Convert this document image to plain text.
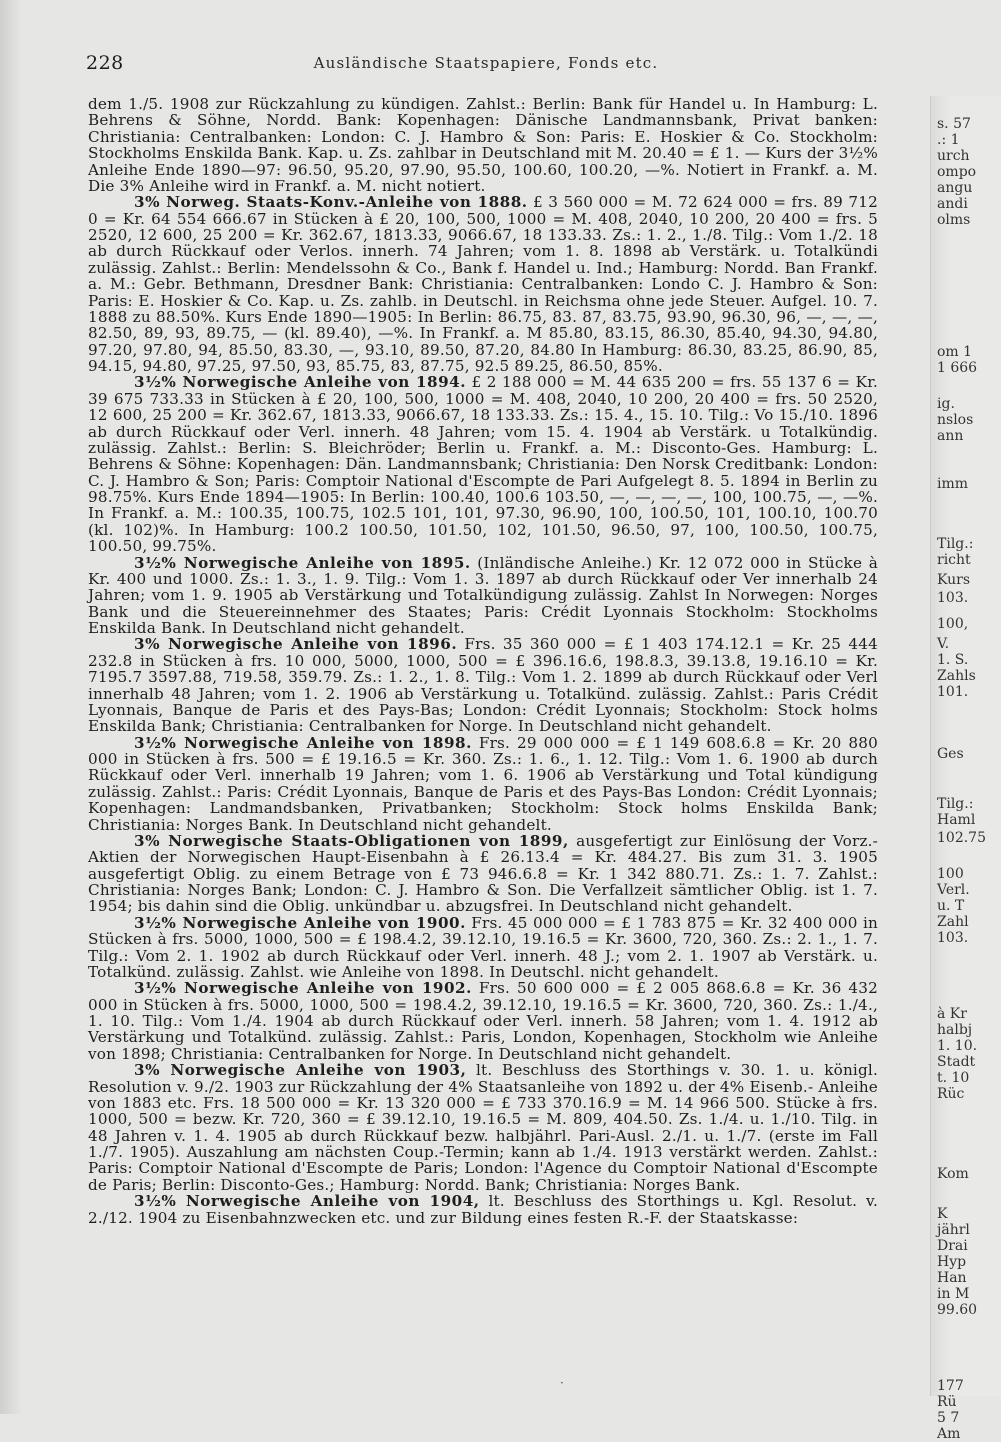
228	Ausländische Staatspapiere, Fonds etc.

dem 1./5. 1908 zur Rückzahlung zu kündigen. Zahlst.: Berlin: Bank für Handel u. In Hamburg: L. Behrens & Söhne, Nordd. Bank: Kopenhagen: Dänische Landmannsbank, Privat banken: Christiania: Centralbanken: London: C. J. Hambro & Son: Paris: E. Hoskier & Co. Stockholm: Stockholms Enskilda Bank. Kap. u. Zs. zahlbar in Deutschland mit M. 20.40 = £ 1. — Kurs der 3½% Anleihe Ende 1890—97: 96.50, 95.20, 97.90, 95.50, 100.60, 100.20, —%. Notiert in Frankf. a. M. Die 3% Anleihe wird in Frankf. a. M. nicht notiert.

3% Norweg. Staats-Konv.-Anleihe von 1888. £ 3 560 000 = M. 72 624 000 = frs. 89 712 0 = Kr. 64 554 666.67 in Stücken à £ 20, 100, 500, 1000 = M. 408, 2040, 10 200, 20 400 = frs. 5 2520, 12 600, 25 200 = Kr. 362.67, 1813.33, 9066.67, 18 133.33. Zs.: 1. 2., 1./8. Tilg.: Vom 1./2. 18 ab durch Rückkauf oder Verlos. innerh. 74 Jahren; vom 1. 8. 1898 ab Verstärk. u. Totalkündi zulässig. Zahlst.: Berlin: Mendelssohn & Co., Bank f. Handel u. Ind.; Hamburg: Nordd. Ban Frankf. a. M.: Gebr. Bethmann, Dresdner Bank: Christiania: Centralbanken: Londo C. J. Hambro & Son: Paris: E. Hoskier & Co. Kap. u. Zs. zahlb. in Deutschl. in Reichsma ohne jede Steuer. Aufgel. 10. 7. 1888 zu 88.50%. Kurs Ende 1890—1905: In Berlin: 86.75, 83. 87, 83.75, 93.90, 96.30, 96, —, —, —, 82.50, 89, 93, 89.75, — (kl. 89.40), —%. In Frankf. a. M 85.80, 83.15, 86.30, 85.40, 94.30, 94.80, 97.20, 97.80, 94, 85.50, 83.30, —, 93.10, 89.50, 87.20, 84.80 In Hamburg: 86.30, 83.25, 86.90, 85, 94.15, 94.80, 97.25, 97.50, 93, 85.75, 83, 87.75, 92.5 89.25, 86.50, 85%.

3½% Norwegische Anleihe von 1894. £ 2 188 000 = M. 44 635 200 = frs. 55 137 6 = Kr. 39 675 733.33 in Stücken à £ 20, 100, 500, 1000 = M. 408, 2040, 10 200, 20 400 = frs. 50 2520, 12 600, 25 200 = Kr. 362.67, 1813.33, 9066.67, 18 133.33. Zs.: 15. 4., 15. 10. Tilg.: Vo 15./10. 1896 ab durch Rückkauf oder Verl. innerh. 48 Jahren; vom 15. 4. 1904 ab Verstärk. u Totalkündig. zulässig. Zahlst.: Berlin: S. Bleichröder; Berlin u. Frankf. a. M.: Disconto-Ges. Hamburg: L. Behrens & Söhne: Kopenhagen: Dän. Landmannsbank; Christiania: Den Norsk Creditbank: London: C. J. Hambro & Son; Paris: Comptoir National d'Escompte de Pari Aufgelegt 8. 5. 1894 in Berlin zu 98.75%. Kurs Ende 1894—1905: In Berlin: 100.40, 100.6 103.50, —, —, —, —, 100, 100.75, —, —%. In Frankf. a. M.: 100.35, 100.75, 102.5 101, 101, 97.30, 96.90, 100, 100.50, 101, 100.10, 100.70 (kl. 102)%. In Hamburg: 100.2 100.50, 101.50, 102, 101.50, 96.50, 97, 100, 100.50, 100.75, 100.50, 99.75%.

3½% Norwegische Anleihe von 1895. (Inländische Anleihe.) Kr. 12 072 000 in Stücke à Kr. 400 und 1000. Zs.: 1. 3., 1. 9. Tilg.: Vom 1. 3. 1897 ab durch Rückkauf oder Ver innerhalb 24 Jahren; vom 1. 9. 1905 ab Verstärkung und Totalkündigung zulässig. Zahlst In Norwegen: Norges Bank und die Steuereinnehmer des Staates; Paris: Crédit Lyonnais Stockholm: Stockholms Enskilda Bank. In Deutschland nicht gehandelt.

3% Norwegische Anleihe von 1896. Frs. 35 360 000 = £ 1 403 174.12.1 = Kr. 25 444 232.8 in Stücken à frs. 10 000, 5000, 1000, 500 = £ 396.16.6, 198.8.3, 39.13.8, 19.16.10 = Kr. 7195.7 3597.88, 719.58, 359.79. Zs.: 1. 2., 1. 8. Tilg.: Vom 1. 2. 1899 ab durch Rückkauf oder Verl innerhalb 48 Jahren; vom 1. 2. 1906 ab Verstärkung u. Totalkünd. zulässig. Zahlst.: Paris Crédit Lyonnais, Banque de Paris et des Pays-Bas; London: Crédit Lyonnais; Stockholm: Stock holms Enskilda Bank; Christiania: Centralbanken for Norge. In Deutschland nicht gehandelt.

3½% Norwegische Anleihe von 1898. Frs. 29 000 000 = £ 1 149 608.6.8 = Kr. 20 880 000 in Stücken à frs. 500 = £ 19.16.5 = Kr. 360. Zs.: 1. 6., 1. 12. Tilg.: Vom 1. 6. 1900 ab durch Rückkauf oder Verl. innerhalb 19 Jahren; vom 1. 6. 1906 ab Verstärkung und Total kündigung zulässig. Zahlst.: Paris: Crédit Lyonnais, Banque de Paris et des Pays-Bas London: Crédit Lyonnais; Kopenhagen: Landmandsbanken, Privatbanken; Stockholm: Stock holms Enskilda Bank; Christiania: Norges Bank. In Deutschland nicht gehandelt.

3% Norwegische Staats-Obligationen von 1899, ausgefertigt zur Einlösung der Vorz.- Aktien der Norwegischen Haupt-Eisenbahn à £ 26.13.4 = Kr. 484.27. Bis zum 31. 3. 1905 ausgefertigt Oblig. zu einem Betrage von £ 73 946.6.8 = Kr. 1 342 880.71. Zs.: 1. 7. Zahlst.: Christiania: Norges Bank; London: C. J. Hambro & Son. Die Verfallzeit sämtlicher Oblig. ist 1. 7. 1954; bis dahin sind die Oblig. unkündbar u. abzugsfrei. In Deutschland nicht gehandelt.

3½% Norwegische Anleihe von 1900. Frs. 45 000 000 = £ 1 783 875 = Kr. 32 400 000 in Stücken à frs. 5000, 1000, 500 = £ 198.4.2, 39.12.10, 19.16.5 = Kr. 3600, 720, 360. Zs.: 2. 1., 1. 7. Tilg.: Vom 2. 1. 1902 ab durch Rückkauf oder Verl. innerh. 48 J.; vom 2. 1. 1907 ab Verstärk. u. Totalkünd. zulässig. Zahlst. wie Anleihe von 1898. In Deutschl. nicht gehandelt.

3½% Norwegische Anleihe von 1902. Frs. 50 600 000 = £ 2 005 868.6.8 = Kr. 36 432 000 in Stücken à frs. 5000, 1000, 500 = 198.4.2, 39.12.10, 19.16.5 = Kr. 3600, 720, 360. Zs.: 1./4., 1. 10. Tilg.: Vom 1./4. 1904 ab durch Rückkauf oder Verl. innerh. 58 Jahren; vom 1. 4. 1912 ab Verstärkung und Totalkünd. zulässig. Zahlst.: Paris, London, Kopenhagen, Stockholm wie Anleihe von 1898; Christiania: Centralbanken for Norge. In Deutschland nicht gehandelt.

3% Norwegische Anleihe von 1903, lt. Beschluss des Storthings v. 30. 1. u. königl. Resolution v. 9./2. 1903 zur Rückzahlung der 4% Staatsanleihe von 1892 u. der 4% Eisenb.- Anleihe von 1883 etc. Frs. 18 500 000 = Kr. 13 320 000 = £ 733 370.16.9 = M. 14 966 500. Stücke à frs. 1000, 500 = bezw. Kr. 720, 360 = £ 39.12.10, 19.16.5 = M. 809, 404.50. Zs. 1./4. u. 1./10. Tilg. in 48 Jahren v. 1. 4. 1905 ab durch Rückkauf bezw. halbjährl. Pari-Ausl. 2./1. u. 1./7. (erste im Fall 1./7. 1905). Auszahlung am nächsten Coup.-Termin; kann ab 1./4. 1913 verstärkt werden. Zahlst.: Paris: Comptoir National d'Escompte de Paris; London: l'Agence du Comptoir National d'Escompte de Paris; Berlin: Disconto-Ges.; Hamburg: Nordd. Bank; Christiania: Norges Bank.

3½% Norwegische Anleihe von 1904, lt. Beschluss des Storthings u. Kgl. Resolut. v. 2./12. 1904 zu Eisenbahnzwecken etc. und zur Bildung eines festen R.-F. der Staatskasse:

s. 57
.: 1
urch
ompo
angu
andi
olms
om 1
1 666
ig.
nslos
ann
imm
Tilg.:
richt
Kurs
103.
100,
V.
1. S.
Zahls
101.
Ges
Tilg.:
Haml
102.75
100
Verl.
u. T
Zahl
103.
à Kr
halbj
1. 10.
Stadt
t. 10
Rüc
Kom
K
jährl
Drai
Hyp
Han
in M
99.60
177
Rü
5 7
Am
·
